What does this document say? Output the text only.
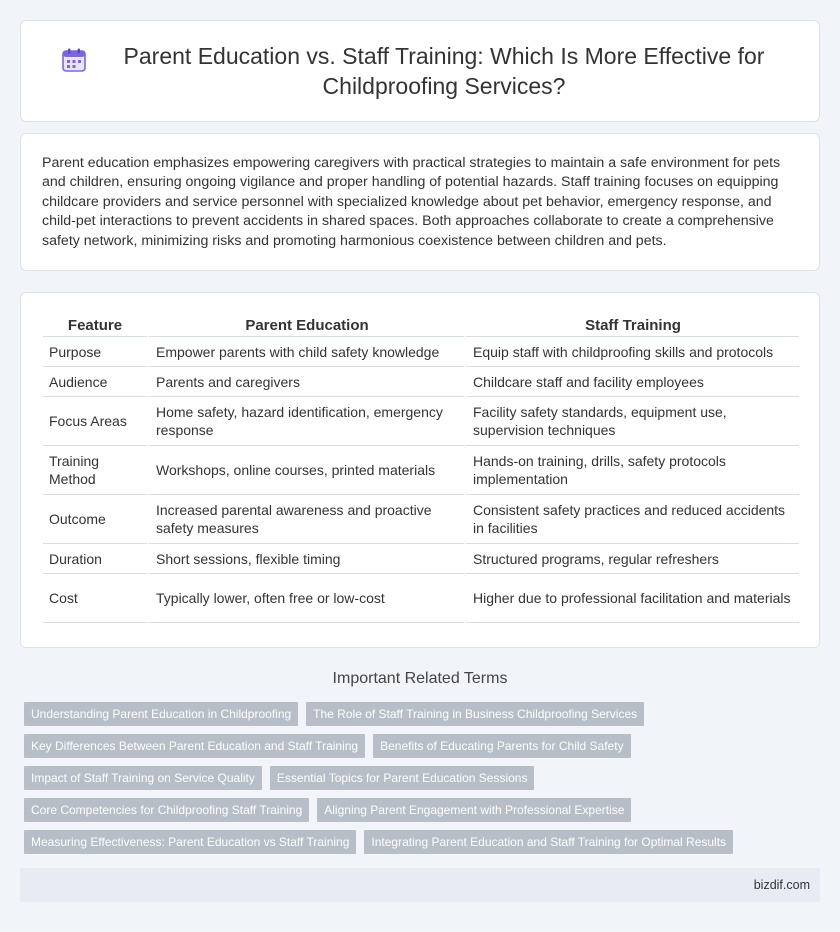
Parent Education vs. Staff Training: Which Is More Effective for Childproofing Services?

Parent education emphasizes empowering caregivers with practical strategies to maintain a safe environment for pets and children, ensuring ongoing vigilance and proper handling of potential hazards. Staff training focuses on equipping childcare providers and service personnel with specialized knowledge about pet behavior, emergency response, and child-pet interactions to prevent accidents in shared spaces. Both approaches collaborate to create a comprehensive safety network, minimizing risks and promoting harmonious coexistence between children and pets.

Feature	Parent Education	Staff Training
Purpose	Empower parents with child safety knowledge	Equip staff with childproofing skills and protocols
Audience	Parents and caregivers	Childcare staff and facility employees
Focus Areas	Home safety, hazard identification, emergency response	Facility safety standards, equipment use, supervision techniques
Training Method	Workshops, online courses, printed materials	Hands-on training, drills, safety protocols implementation
Outcome	Increased parental awareness and proactive safety measures	Consistent safety practices and reduced accidents in facilities
Duration	Short sessions, flexible timing	Structured programs, regular refreshers
Cost	Typically lower, often free or low-cost	Higher due to professional facilitation and materials
Important Related Terms
Understanding Parent Education in Childproofing	The Role of Staff Training in Business Childproofing Services
Key Differences Between Parent Education and Staff Training	Benefits of Educating Parents for Child Safety
Impact of Staff Training on Service Quality	Essential Topics for Parent Education Sessions
Core Competencies for Childproofing Staff Training	Aligning Parent Engagement with Professional Expertise
Measuring Effectiveness: Parent Education vs Staff Training	Integrating Parent Education and Staff Training for Optimal Results
bizdif.com
